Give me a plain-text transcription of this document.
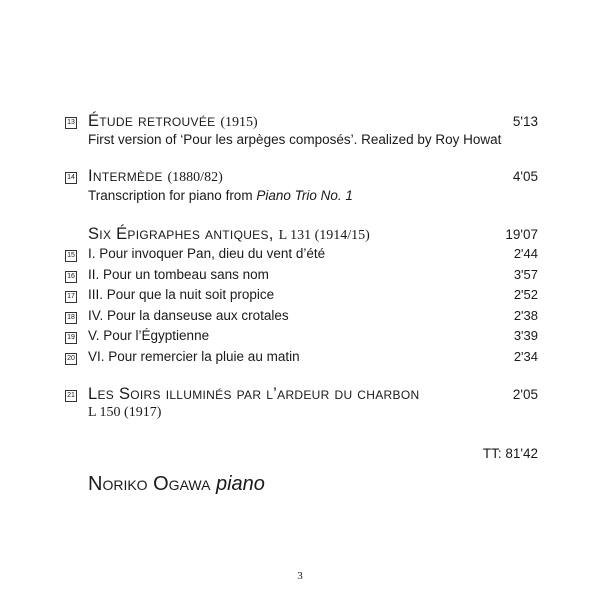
13 Étude retrouvée (1915)	5'13
First version of ‘Pour les arpèges composés’. Realized by Roy Howat
14 Intermède (1880/82)	4'05
Transcription for piano from Piano Trio No. 1
Six Épigraphes antiques, L 131 (1914/15)	19'07
15 I. Pour invoquer Pan, dieu du vent d’été	2'44
16 II. Pour un tombeau sans nom	3'57
17 III. Pour que la nuit soit propice	2'52
18 IV. Pour la danseuse aux crotales	2'38
19 V. Pour l’Égyptienne	3'39
20 VI. Pour remercier la pluie au matin	2'34
21 Les Soirs illuminés par l’ardeur du charbon	2'05
L 150 (1917)
TT: 81'42
Noriko Ogawa
piano
3
